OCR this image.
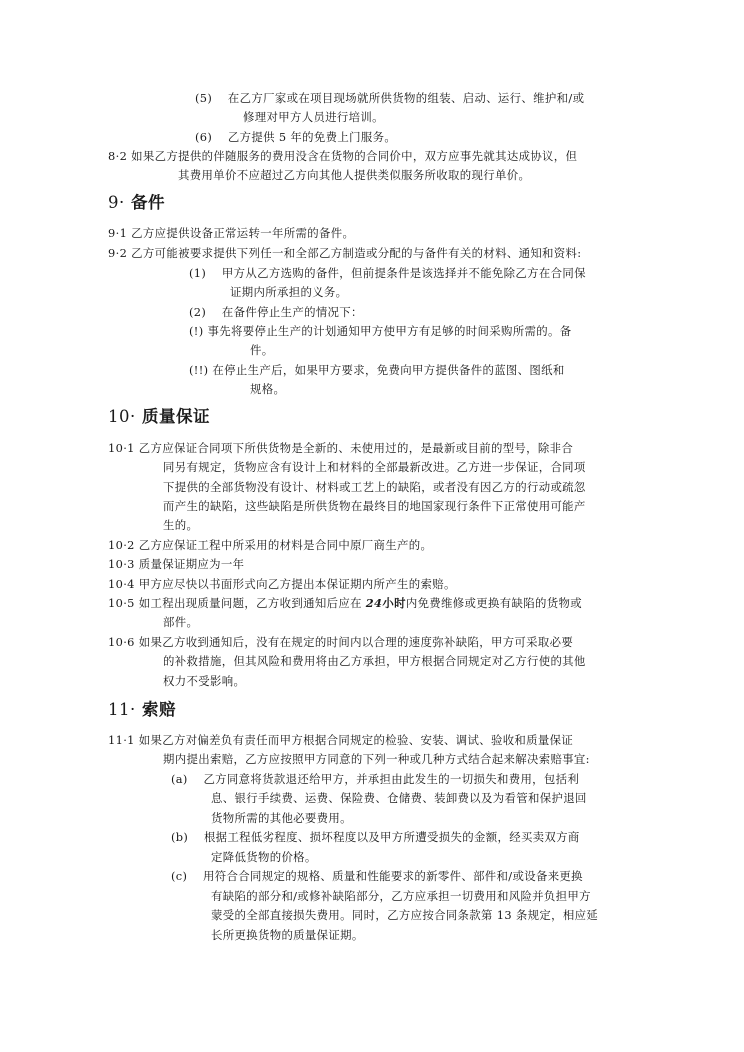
(5)　 在乙方厂家或在项目现场就所供货物的组装、启动、运行、维护和/或
修理对甲方人员进行培训。
(6)　 乙方提供 5 年的免费上门服务。
8·2 如果乙方提供的伴随服务的费用没含在货物的合同价中，双方应事先就其达成协议，但
其费用单价不应超过乙方向其他人提供类似服务所收取的现行单价。
9· 备件
9·1 乙方应提供设备正常运转一年所需的备件。
9·2 乙方可能被要求提供下列任一和全部乙方制造或分配的与备件有关的材料、通知和资料:
(1)　 甲方从乙方选购的备件，但前提条件是该选择并不能免除乙方在合同保
证期内所承担的义务。
(2)　 在备件停止生产的情况下：
(!) 事先将要停止生产的计划通知甲方使甲方有足够的时间采购所需的。备
件。
(!!) 在停止生产后，如果甲方要求，免费向甲方提供备件的蓝图、图纸和
规格。
10· 质量保证
10·1 乙方应保证合同项下所供货物是全新的、未使用过的，是最新或目前的型号，除非合
同另有规定，货物应含有设计上和材料的全部最新改进。乙方进一步保证，合同项
下提供的全部货物没有设计、材料或工艺上的缺陷，或者没有因乙方的行动或疏忽
而产生的缺陷，这些缺陷是所供货物在最终目的地国家现行条件下正常使用可能产
生的。
10·2 乙方应保证工程中所采用的材料是合同中原厂商生产的。
10·3 质量保证期应为一年
10·4 甲方应尽快以书面形式向乙方提出本保证期内所产生的索赔。
10·5 如工程出现质量问题，乙方收到通知后应在 24小时内免费维修或更换有缺陷的货物或
部件。
10·6 如果乙方收到通知后，没有在规定的时间内以合理的速度弥补缺陷，甲方可采取必要
的补救措施，但其风险和费用将由乙方承担，甲方根据合同规定对乙方行使的其他
权力不受影响。
11· 索赔
11·1 如果乙方对偏差负有责任而甲方根据合同规定的检验、安装、调试、验收和质量保证
期内提出索赔，乙方应按照甲方同意的下列一种或几种方式结合起来解决索赔事宜:
(a)　 乙方同意将货款退还给甲方，并承担由此发生的一切损失和费用，包括利
息、银行手续费、运费、保险费、仓储费、装卸费以及为看管和保护退回
货物所需的其他必要费用。
(b)　 根据工程低劣程度、损坏程度以及甲方所遭受损失的金额，经买卖双方商
定降低货物的价格。
(c)　 用符合合同规定的规格、质量和性能要求的新零件、部件和/或设备来更换
有缺陷的部分和/或修补缺陷部分，乙方应承担一切费用和风险并负担甲方
蒙受的全部直接损失费用。同时，乙方应按合同条款第 13 条规定，相应延
长所更换货物的质量保证期。
